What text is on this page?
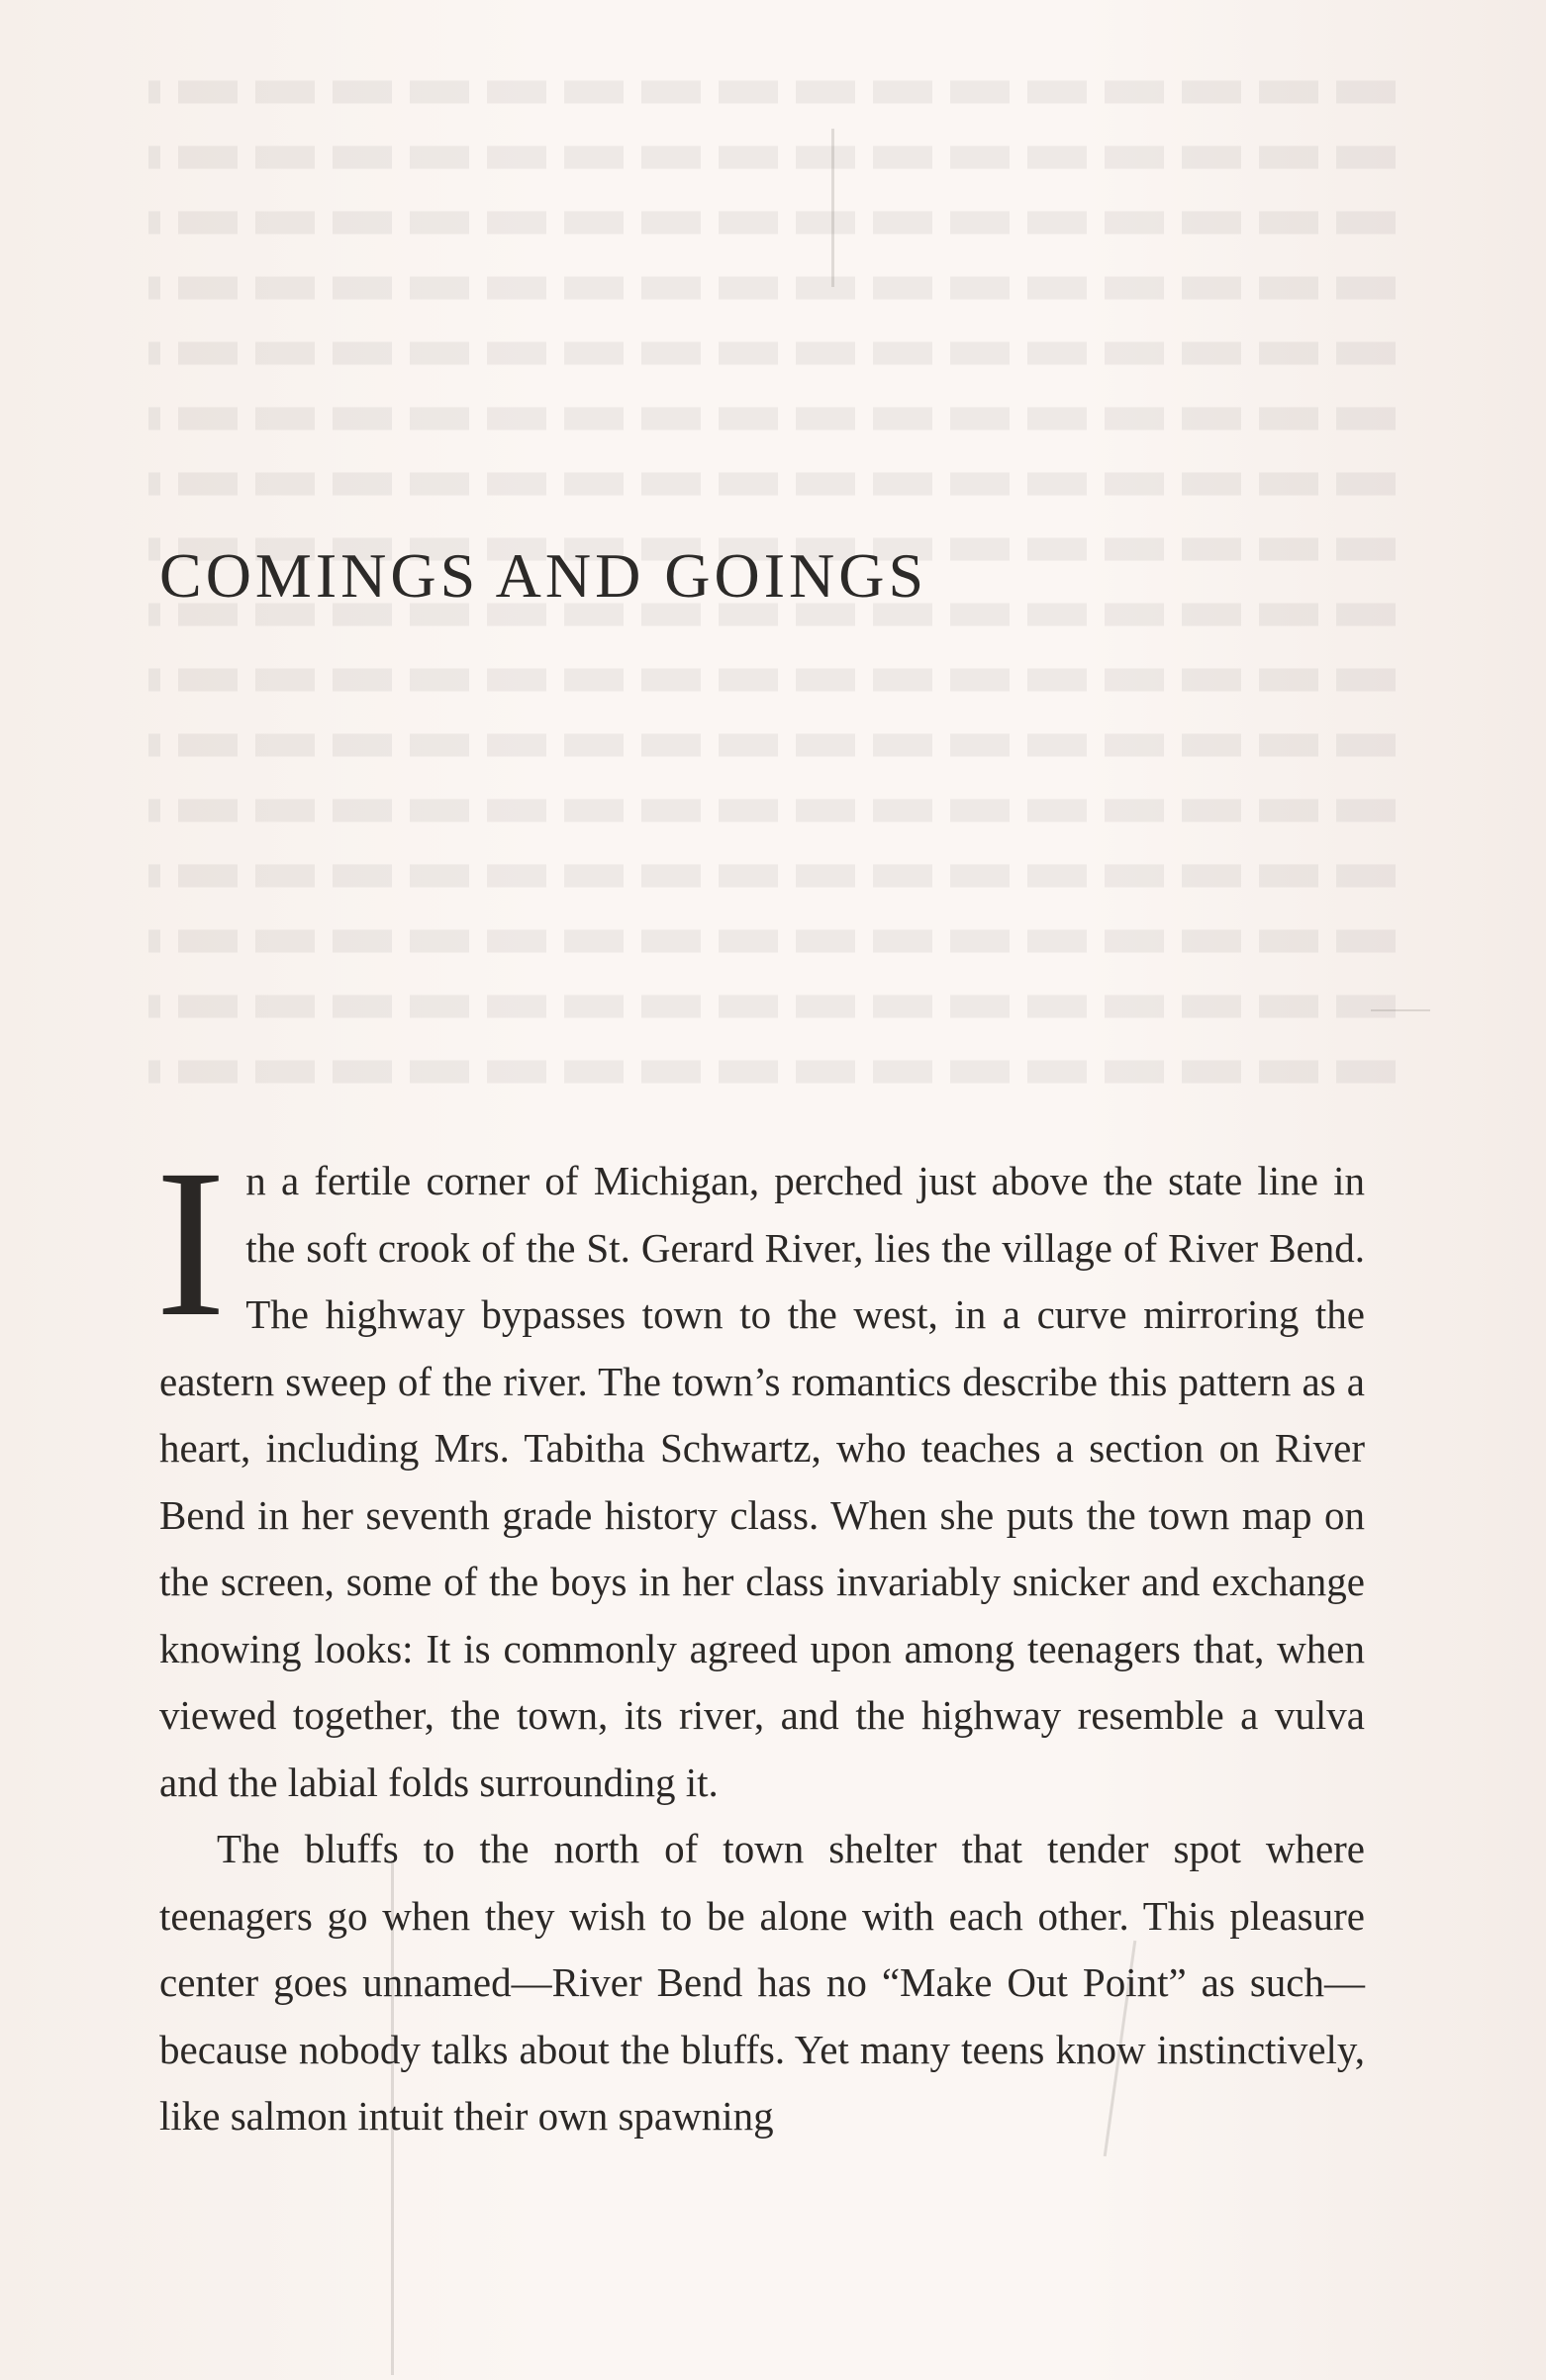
COMINGS AND GOINGS

In a fertile corner of Michigan, perched just above the state line in the soft crook of the St. Gerard River, lies the village of River Bend. The highway bypasses town to the west, in a curve mirroring the eastern sweep of the river. The town’s romantics describe this pattern as a heart, including Mrs. Tabitha Schwartz, who teaches a section on River Bend in her seventh grade history class. When she puts the town map on the screen, some of the boys in her class invariably snicker and exchange knowing looks: It is commonly agreed upon among teenagers that, when viewed together, the town, its river, and the highway resemble a vulva and the labial folds surrounding it.

The bluffs to the north of town shelter that tender spot where teenagers go when they wish to be alone with each other. This pleasure center goes unnamed—River Bend has no “Make Out Point” as such—because nobody talks about the bluffs. Yet many teens know instinctively, like salmon intuit their own spawning
